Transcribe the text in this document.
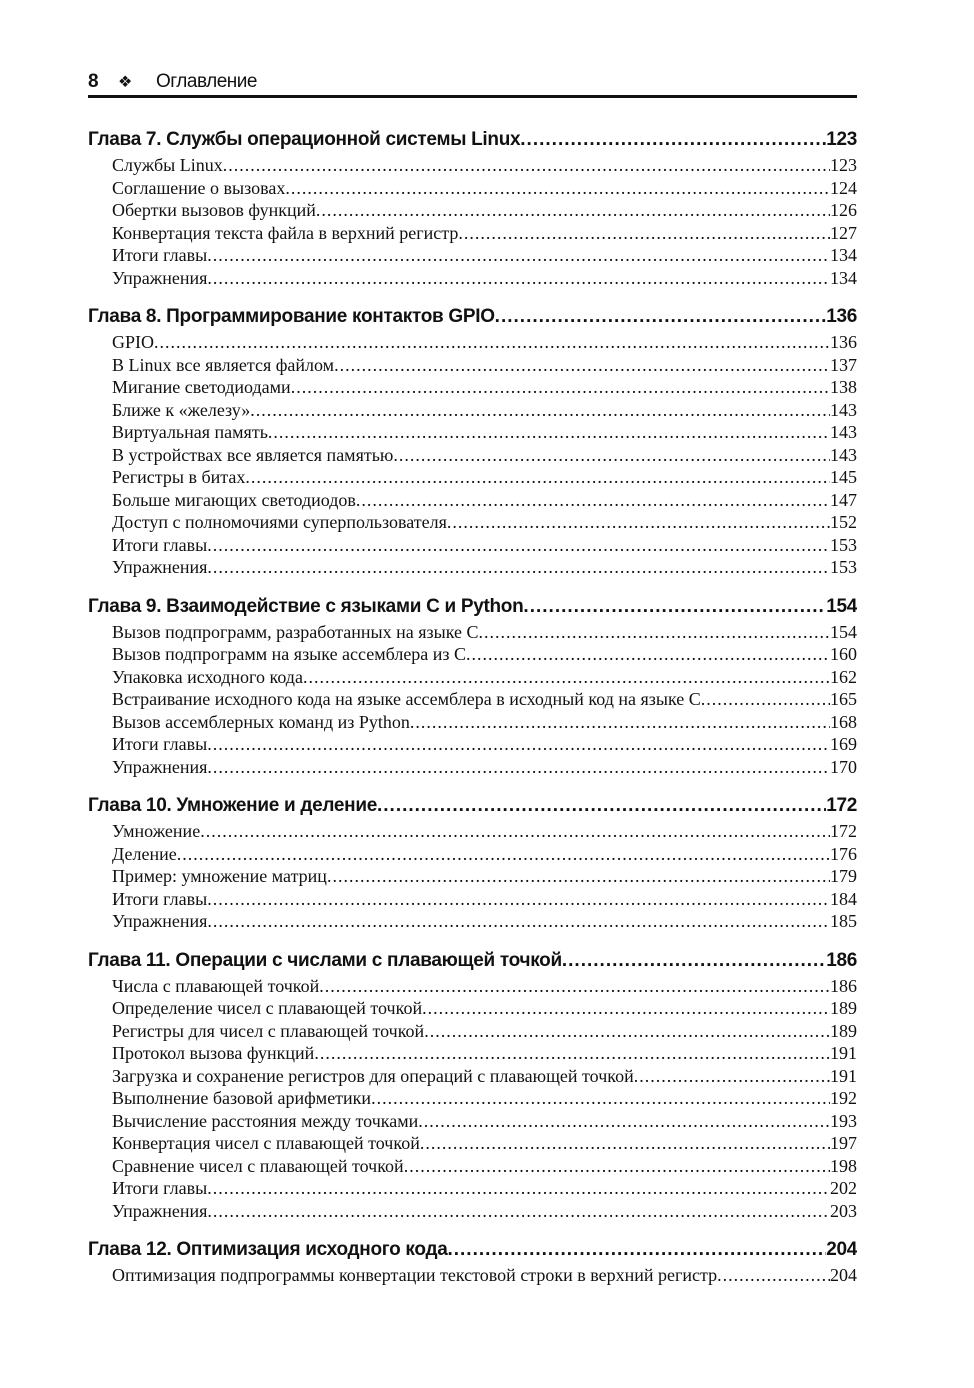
8	❖	Оглавление
Глава 7. Службы операционной системы Linux .....	123
Службы Linux .....	123
Соглашение о вызовах .....	124
Обертки вызовов функций .....	126
Конвертация текста файла в верхний регистр .....	127
Итоги главы .....	134
Упражнения .....	134
Глава 8. Программирование контактов GPIO .....	136
GPIO .....	136
В Linux все является файлом .....	137
Мигание светодиодами .....	138
Ближе к «железу» .....	143
Виртуальная память .....	143
В устройствах все является памятью .....	143
Регистры в битах .....	145
Больше мигающих светодиодов .....	147
Доступ с полномочиями суперпользователя .....	152
Итоги главы .....	153
Упражнения .....	153
Глава 9. Взаимодействие с языками C и Python .....	154
Вызов подпрограмм, разработанных на языке C .....	154
Вызов подпрограмм на языке ассемблера из C .....	160
Упаковка исходного кода .....	162
Встраивание исходного кода на языке ассемблера в исходный код на языке C .....	165
Вызов ассемблерных команд из Python .....	168
Итоги главы .....	169
Упражнения .....	170
Глава 10. Умножение и деление .....	172
Умножение .....	172
Деление .....	176
Пример: умножение матриц .....	179
Итоги главы .....	184
Упражнения .....	185
Глава 11. Операции с числами с плавающей точкой .....	186
Числа с плавающей точкой .....	186
Определение чисел с плавающей точкой .....	189
Регистры для чисел с плавающей точкой .....	189
Протокол вызова функций .....	191
Загрузка и сохранение регистров для операций с плавающей точкой .....	191
Выполнение базовой арифметики .....	192
Вычисление расстояния между точками .....	193
Конвертация чисел с плавающей точкой .....	197
Сравнение чисел с плавающей точкой .....	198
Итоги главы .....	202
Упражнения .....	203
Глава 12. Оптимизация исходного кода .....	204
Оптимизация подпрограммы конвертации текстовой строки в верхний регистр .....	204
